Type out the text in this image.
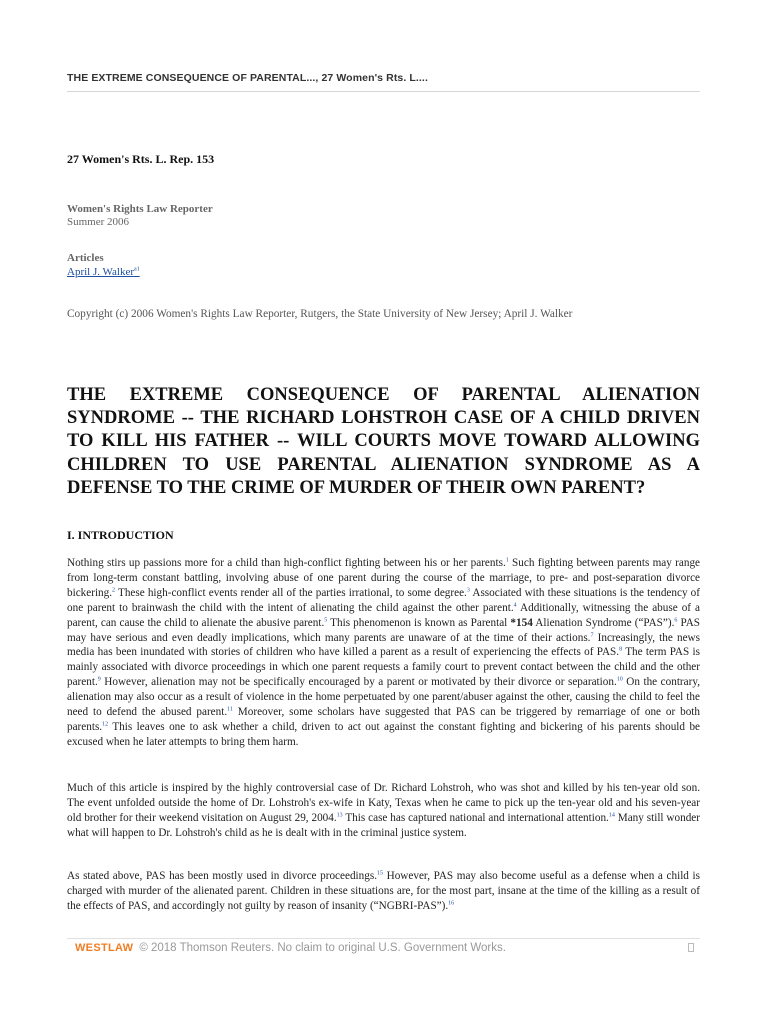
THE EXTREME CONSEQUENCE OF PARENTAL..., 27 Women's Rts. L....
27 Women's Rts. L. Rep. 153
Women's Rights Law Reporter
Summer 2006
Articles
April J. Walker$^{a1}$
Copyright (c) 2006 Women's Rights Law Reporter, Rutgers, the State University of New Jersey; April J. Walker
THE EXTREME CONSEQUENCE OF PARENTAL ALIENATION SYNDROME -- THE RICHARD LOHSTROH CASE OF A CHILD DRIVEN TO KILL HIS FATHER -- WILL COURTS MOVE TOWARD ALLOWING CHILDREN TO USE PARENTAL ALIENATION SYNDROME AS A DEFENSE TO THE CRIME OF MURDER OF THEIR OWN PARENT?
I. INTRODUCTION

Nothing stirs up passions more for a child than high-conflict fighting between his or her parents.$^1$ Such fighting between parents may range from long-term constant battling, involving abuse of one parent during the course of the marriage, to pre- and post-separation divorce bickering.$^2$ These high-conflict events render all of the parties irrational, to some degree.$^3$ Associated with these situations is the tendency of one parent to brainwash the child with the intent of alienating the child against the other parent.$^4$ Additionally, witnessing the abuse of a parent, can cause the child to alienate the abusive parent.$^5$ This phenomenon is known as Parental *154 Alienation Syndrome (“PAS”).$^6$ PAS may have serious and even deadly implications, which many parents are unaware of at the time of their actions.$^7$ Increasingly, the news media has been inundated with stories of children who have killed a parent as a result of experiencing the effects of PAS.$^8$ The term PAS is mainly associated with divorce proceedings in which one parent requests a family court to prevent contact between the child and the other parent.$^9$ However, alienation may not be specifically encouraged by a parent or motivated by their divorce or separation.$^{10}$ On the contrary, alienation may also occur as a result of violence in the home perpetuated by one parent/abuser against the other, causing the child to feel the need to defend the abused parent.$^{11}$ Moreover, some scholars have suggested that PAS can be triggered by remarriage of one or both parents.$^{12}$ This leaves one to ask whether a child, driven to act out against the constant fighting and bickering of his parents should be excused when he later attempts to bring them harm.

Much of this article is inspired by the highly controversial case of Dr. Richard Lohstroh, who was shot and killed by his ten-year old son. The event unfolded outside the home of Dr. Lohstroh's ex-wife in Katy, Texas when he came to pick up the ten-year old and his seven-year old brother for their weekend visitation on August 29, 2004.13 This case has captured national and international attention.$^{14}$ Many still wonder what will happen to Dr. Lohstroh's child as he is dealt with in the criminal justice system.

As stated above, PAS has been mostly used in divorce proceedings.$^{15}$ However, PAS may also become useful as a defense when a child is charged with murder of the alienated parent. Children in these situations are, for the most part, insane at the time of the killing as a result of the effects of PAS, and accordingly not guilty by reason of insanity (“NGBRI-PAS”).$^{16}$

WESTLAW © 2018 Thomson Reuters. No claim to original U.S. Government Works.
